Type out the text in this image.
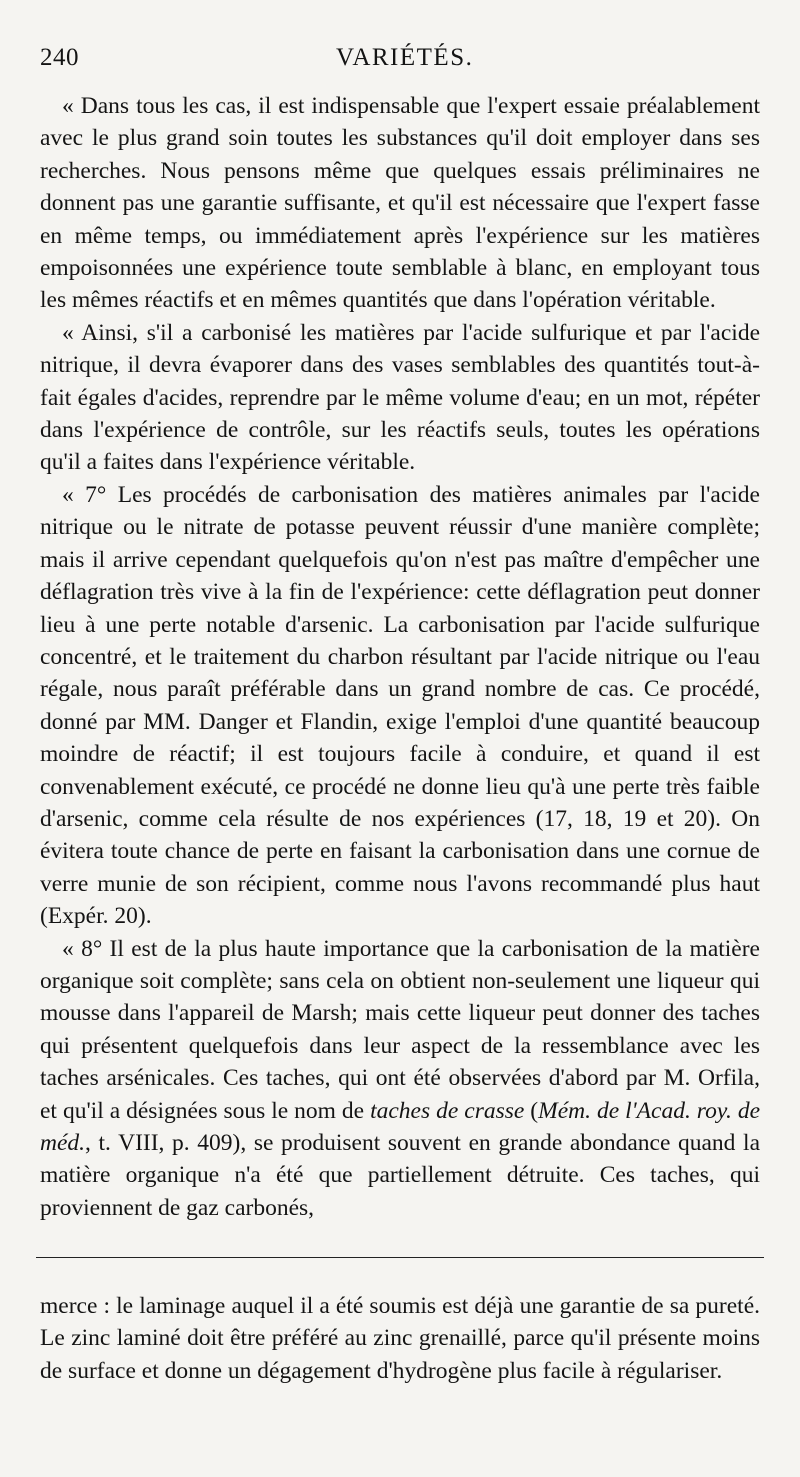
240	VARIÉTÉS.

« Dans tous les cas, il est indispensable que l'expert essaie préalablement avec le plus grand soin toutes les substances qu'il doit employer dans ses recherches. Nous pensons même que quelques essais préliminaires ne donnent pas une garantie suffisante, et qu'il est nécessaire que l'expert fasse en même temps, ou immédiatement après l'expérience sur les matières empoisonnées une expérience toute semblable à blanc, en employant tous les mêmes réactifs et en mêmes quantités que dans l'opération véritable.

« Ainsi, s'il a carbonisé les matières par l'acide sulfurique et par l'acide nitrique, il devra évaporer dans des vases semblables des quantités tout-à-fait égales d'acides, reprendre par le même volume d'eau; en un mot, répéter dans l'expérience de contrôle, sur les réactifs seuls, toutes les opérations qu'il a faites dans l'expérience véritable.

« 7° Les procédés de carbonisation des matières animales par l'acide nitrique ou le nitrate de potasse peuvent réussir d'une manière complète; mais il arrive cependant quelquefois qu'on n'est pas maître d'empêcher une déflagration très vive à la fin de l'expérience: cette déflagration peut donner lieu à une perte notable d'arsenic. La carbonisation par l'acide sulfurique concentré, et le traitement du charbon résultant par l'acide nitrique ou l'eau régale, nous paraît préférable dans un grand nombre de cas. Ce procédé, donné par MM. Danger et Flandin, exige l'emploi d'une quantité beaucoup moindre de réactif; il est toujours facile à conduire, et quand il est convenablement exécuté, ce procédé ne donne lieu qu'à une perte très faible d'arsenic, comme cela résulte de nos expériences (17, 18, 19 et 20). On évitera toute chance de perte en faisant la carbonisation dans une cornue de verre munie de son récipient, comme nous l'avons recommandé plus haut (Expér. 20).

« 8° Il est de la plus haute importance que la carbonisation de la matière organique soit complète; sans cela on obtient non-seulement une liqueur qui mousse dans l'appareil de Marsh; mais cette liqueur peut donner des taches qui présentent quelquefois dans leur aspect de la ressemblance avec les taches arsénicales. Ces taches, qui ont été observées d'abord par M. Orfila, et qu'il a désignées sous le nom de taches de crasse (Mém. de l'Acad. roy. de méd., t. VIII, p. 409), se produisent souvent en grande abondance quand la matière organique n'a été que partiellement détruite. Ces taches, qui proviennent de gaz carbonés,

merce : le laminage auquel il a été soumis est déjà une garantie de sa pureté. Le zinc laminé doit être préféré au zinc grenaillé, parce qu'il présente moins de surface et donne un dégagement d'hydrogène plus facile à régulariser.
